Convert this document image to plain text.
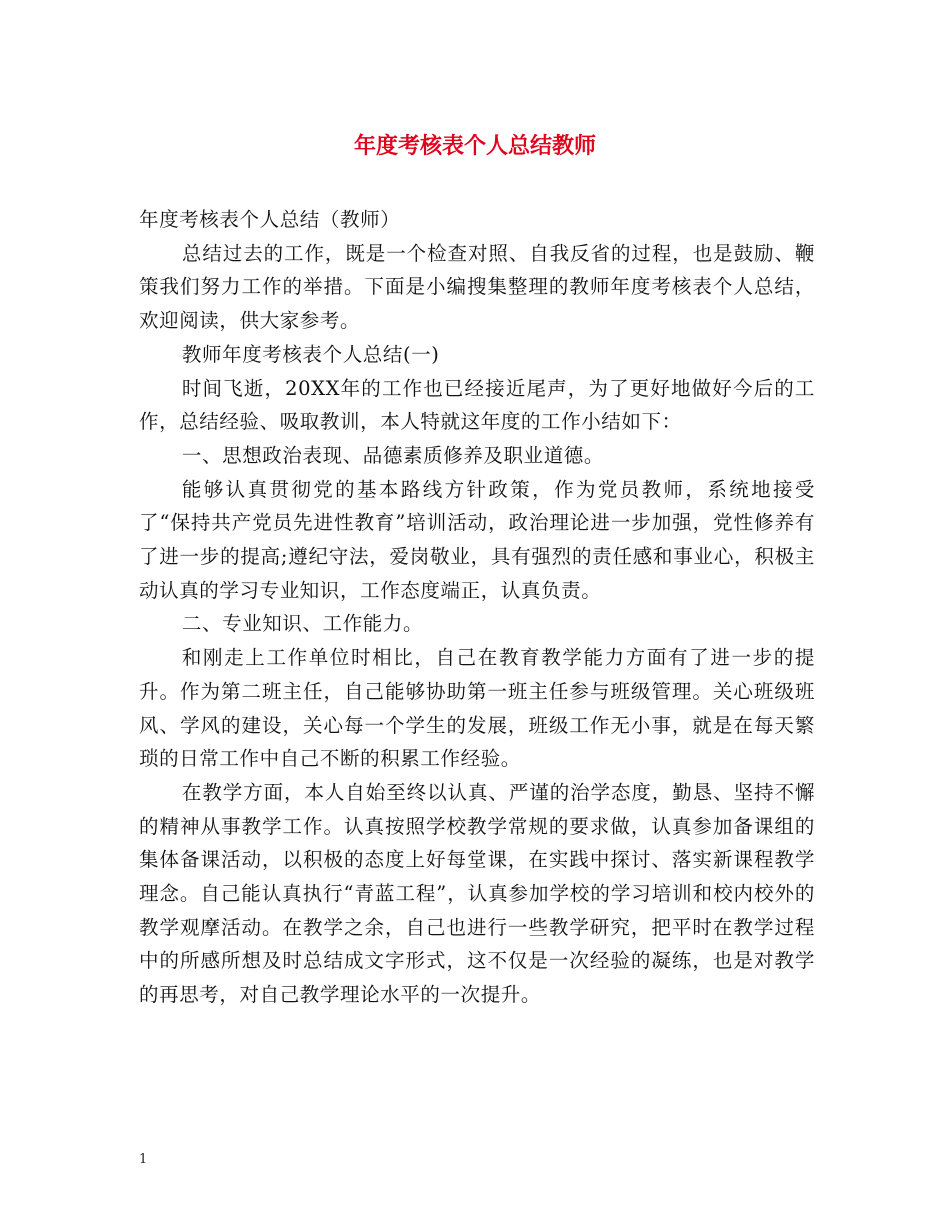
年度考核表个人总结教师

年度考核表个人总结（教师）

总结过去的工作，既是一个检查对照、自我反省的过程，也是鼓励、鞭策我们努力工作的举措。下面是小编搜集整理的教师年度考核表个人总结，欢迎阅读，供大家参考。

教师年度考核表个人总结(一)

时间飞逝，20XX年的工作也已经接近尾声，为了更好地做好今后的工作，总结经验、吸取教训，本人特就这年度的工作小结如下：

一、思想政治表现、品德素质修养及职业道德。

能够认真贯彻党的基本路线方针政策，作为党员教师，系统地接受了“保持共产党员先进性教育”培训活动，政治理论进一步加强，党性修养有了进一步的提高;遵纪守法，爱岗敬业，具有强烈的责任感和事业心，积极主动认真的学习专业知识，工作态度端正，认真负责。

二、专业知识、工作能力。

和刚走上工作单位时相比，自己在教育教学能力方面有了进一步的提升。作为第二班主任，自己能够协助第一班主任参与班级管理。关心班级班风、学风的建设，关心每一个学生的发展，班级工作无小事，就是在每天繁琐的日常工作中自己不断的积累工作经验。

在教学方面，本人自始至终以认真、严谨的治学态度，勤恳、坚持不懈的精神从事教学工作。认真按照学校教学常规的要求做，认真参加备课组的集体备课活动，以积极的态度上好每堂课，在实践中探讨、落实新课程教学理念。自己能认真执行“青蓝工程”，认真参加学校的学习培训和校内校外的教学观摩活动。在教学之余，自己也进行一些教学研究，把平时在教学过程中的所感所想及时总结成文字形式，这不仅是一次经验的凝练，也是对教学的再思考，对自己教学理论水平的一次提升。

1
